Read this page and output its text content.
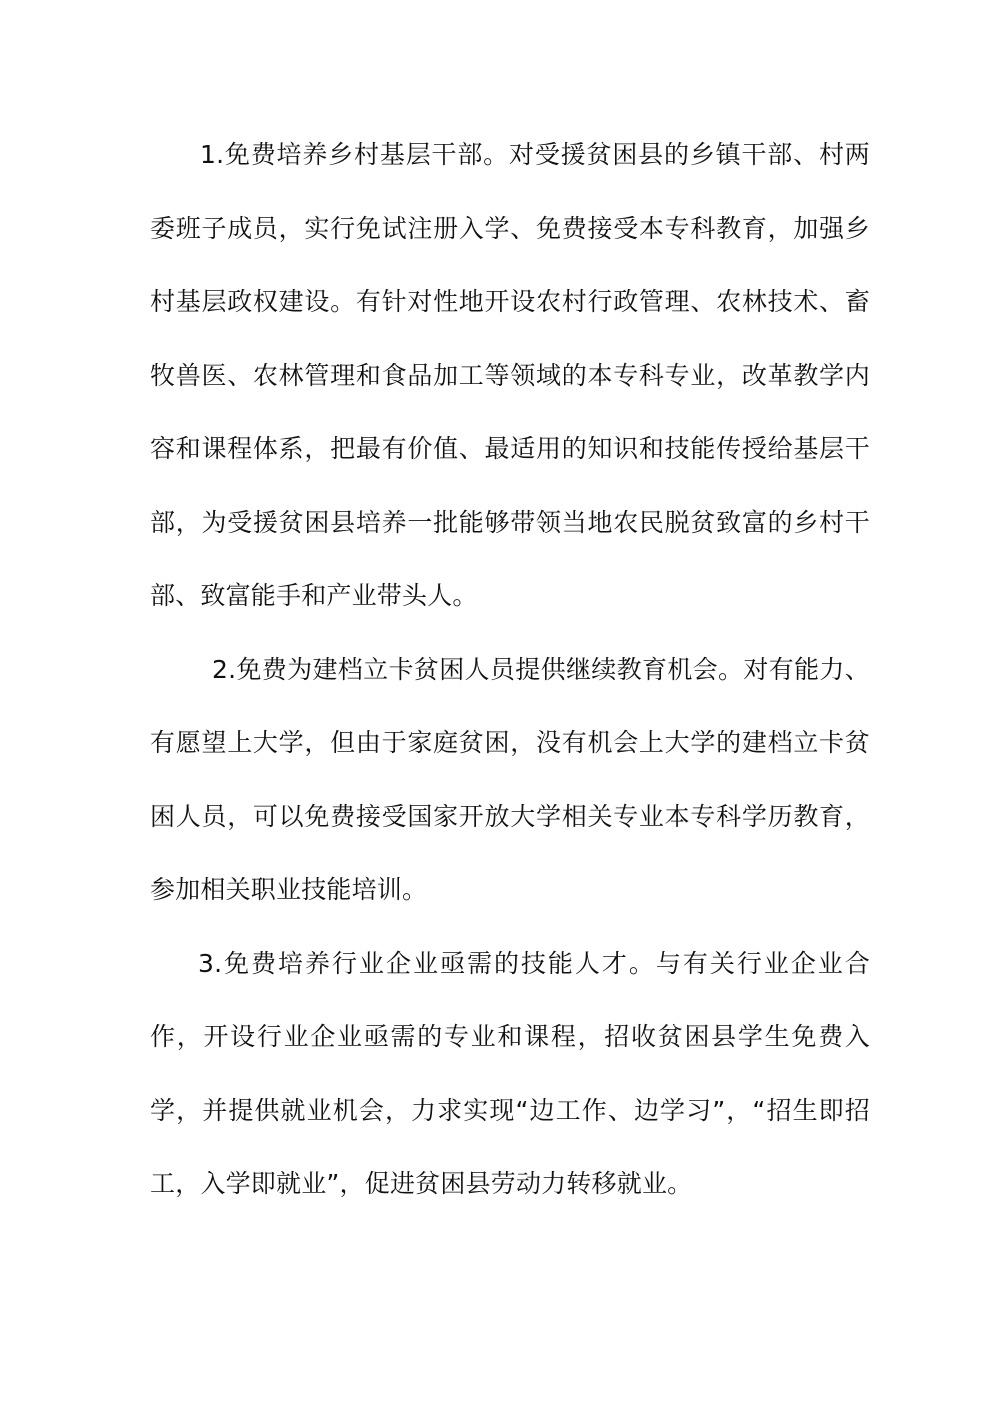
1.免费培养乡村基层干部。对受援贫困县的乡镇干部、村两委班子成员，实行免试注册入学、免费接受本专科教育，加强乡村基层政权建设。有针对性地开设农村行政管理、农林技术、畜牧兽医、农林管理和食品加工等领域的本专科专业，改革教学内容和课程体系，把最有价值、最适用的知识和技能传授给基层干部，为受援贫困县培养一批能够带领当地农民脱贫致富的乡村干部、致富能手和产业带头人。

2.免费为建档立卡贫困人员提供继续教育机会。对有能力、有愿望上大学，但由于家庭贫困，没有机会上大学的建档立卡贫困人员，可以免费接受国家开放大学相关专业本专科学历教育，参加相关职业技能培训。

3.免费培养行业企业亟需的技能人才。与有关行业企业合作，开设行业企业亟需的专业和课程，招收贫困县学生免费入学，并提供就业机会，力求实现“边工作、边学习”，“招生即招工，入学即就业”，促进贫困县劳动力转移就业。
